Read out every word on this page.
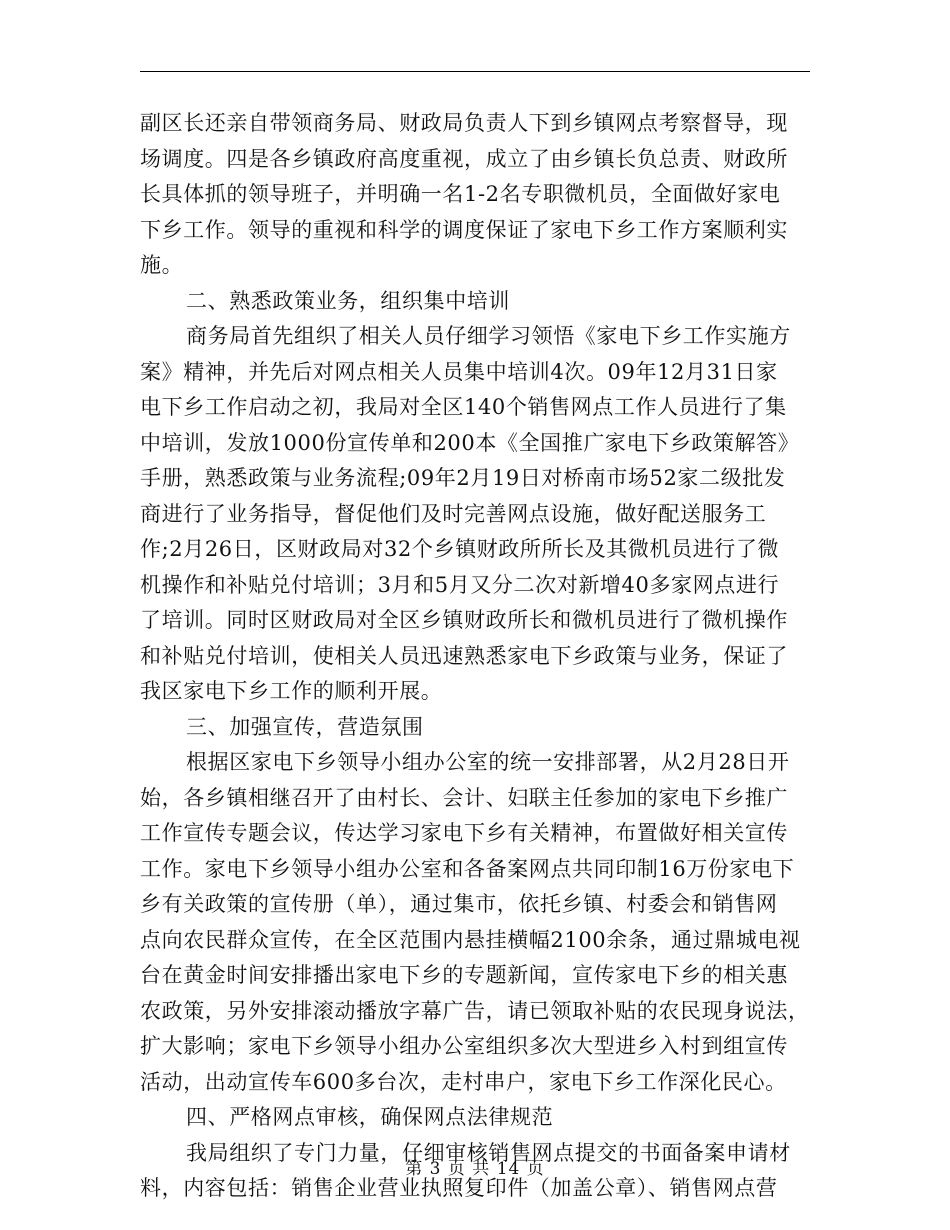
副区长还亲自带领商务局、财政局负责人下到乡镇网点考察督导，现
场调度。四是各乡镇政府高度重视，成立了由乡镇长负总责、财政所
长具体抓的领导班子，并明确一名1-2名专职微机员，全面做好家电
下乡工作。领导的重视和科学的调度保证了家电下乡工作方案顺利实
施。
二、熟悉政策业务，组织集中培训
商务局首先组织了相关人员仔细学习领悟《家电下乡工作实施方
案》精神，并先后对网点相关人员集中培训4次。09年12月31日家
电下乡工作启动之初，我局对全区140个销售网点工作人员进行了集
中培训，发放1000份宣传单和200本《全国推广家电下乡政策解答》
手册，熟悉政策与业务流程;09年2月19日对桥南市场52家二级批发
商进行了业务指导，督促他们及时完善网点设施，做好配送服务工
作;2月26日，区财政局对32个乡镇财政所所长及其微机员进行了微
机操作和补贴兑付培训；3月和5月又分二次对新增40多家网点进行
了培训。同时区财政局对全区乡镇财政所长和微机员进行了微机操作
和补贴兑付培训，使相关人员迅速熟悉家电下乡政策与业务，保证了
我区家电下乡工作的顺利开展。
三、加强宣传，营造氛围
根据区家电下乡领导小组办公室的统一安排部署，从2月28日开
始，各乡镇相继召开了由村长、会计、妇联主任参加的家电下乡推广
工作宣传专题会议，传达学习家电下乡有关精神，布置做好相关宣传
工作。家电下乡领导小组办公室和各备案网点共同印制16万份家电下
乡有关政策的宣传册（单），通过集市，依托乡镇、村委会和销售网
点向农民群众宣传，在全区范围内悬挂横幅2100余条，通过鼎城电视
台在黄金时间安排播出家电下乡的专题新闻，宣传家电下乡的相关惠
农政策，另外安排滚动播放字幕广告，请已领取补贴的农民现身说法，
扩大影响；家电下乡领导小组办公室组织多次大型进乡入村到组宣传
活动，出动宣传车600多台次，走村串户，家电下乡工作深化民心。
四、严格网点审核，确保网点法律规范
我局组织了专门力量，仔细审核销售网点提交的书面备案申请材
料，内容包括：销售企业营业执照复印件（加盖公章）、销售网点营
第 3 页 共 14 页
